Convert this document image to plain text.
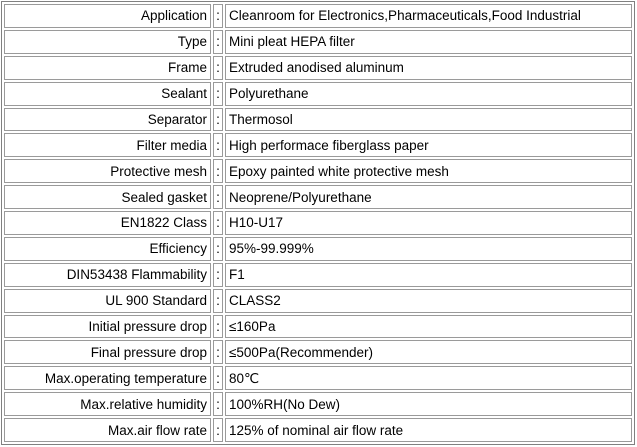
Application	:	Cleanroom for Electronics,Pharmaceuticals,Food Industrial
Type	:	Mini pleat HEPA filter
Frame	:	Extruded anodised aluminum
Sealant	:	Polyurethane
Separator	:	Thermosol
Filter media	:	High performace fiberglass paper
Protective mesh	:	Epoxy painted white protective mesh
Sealed gasket	:	Neoprene/Polyurethane
EN1822 Class	:	H10-U17
Efficiency	:	95%-99.999%
DIN53438 Flammability	:	F1
UL 900 Standard	:	CLASS2
Initial pressure drop	:	≤160Pa
Final pressure drop	:	≤500Pa(Recommender)
Max.operating temperature	:	80℃
Max.relative humidity	:	100%RH(No Dew)
Max.air flow rate	:	125% of nominal air flow rate
